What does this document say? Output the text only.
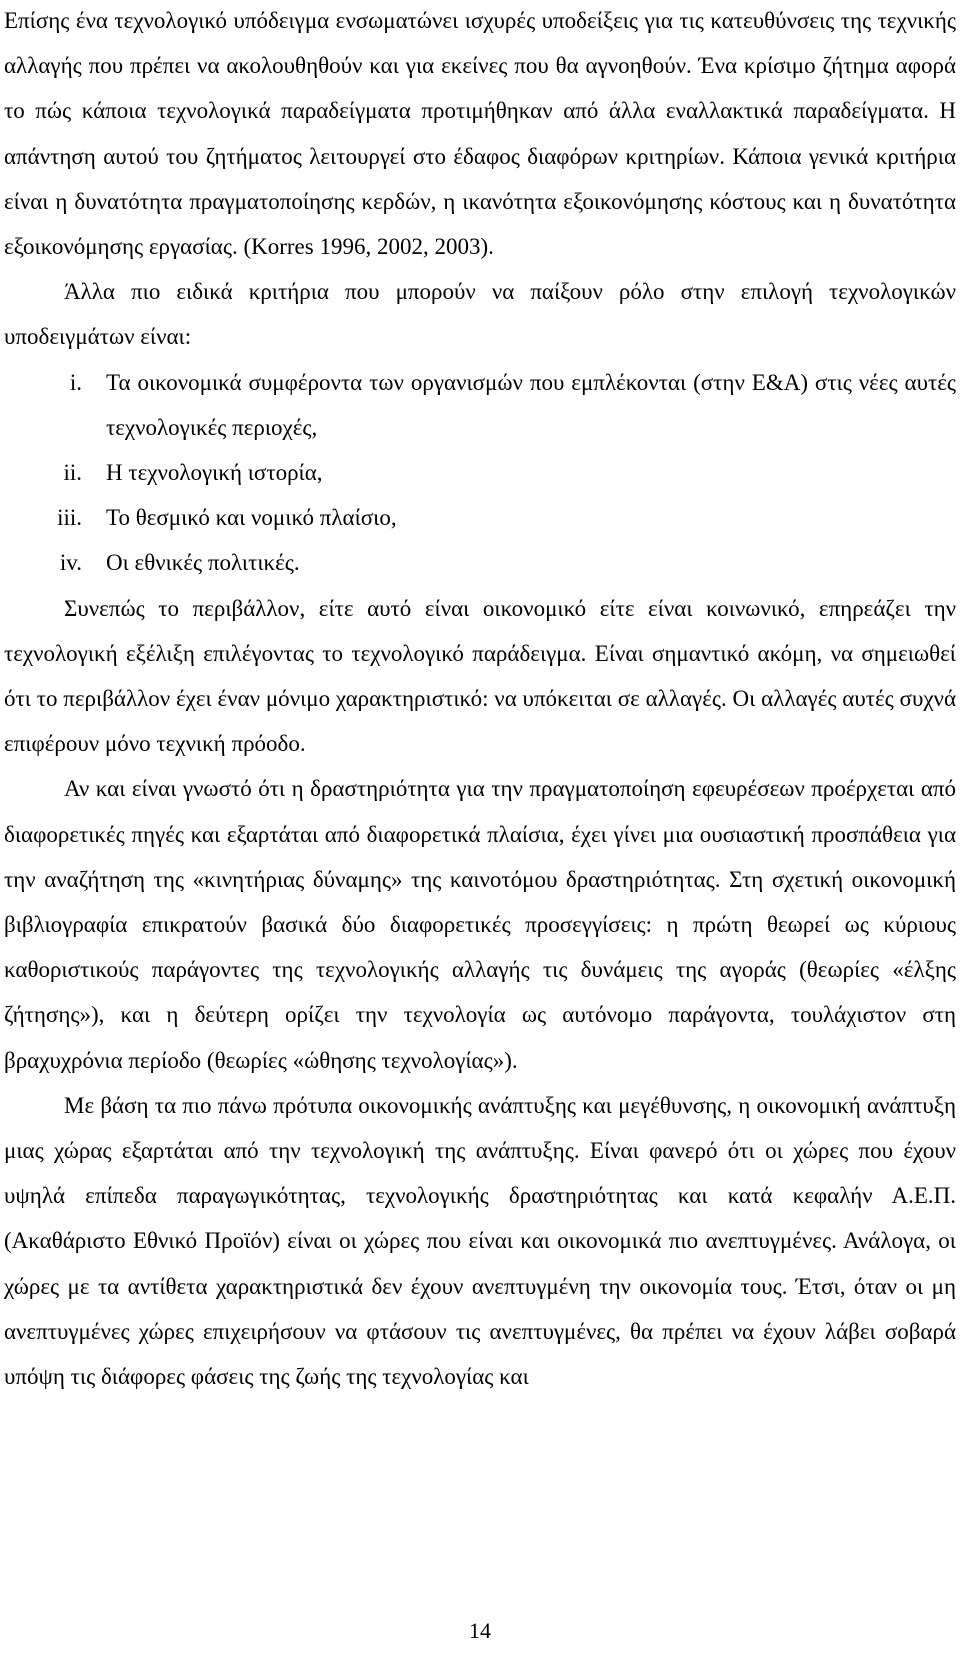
Επίσης ένα τεχνολογικό υπόδειγμα ενσωματώνει ισχυρές υποδείξεις για τις κατευθύνσεις της τεχνικής αλλαγής που πρέπει να ακολουθηθούν και για εκείνες που θα αγνοηθούν. Ένα κρίσιμο ζήτημα αφορά το πώς κάποια τεχνολογικά παραδείγματα προτιμήθηκαν από άλλα εναλλακτικά παραδείγματα. Η απάντηση αυτού του ζητήματος λειτουργεί στο έδαφος διαφόρων κριτηρίων. Κάποια γενικά κριτήρια είναι η δυνατότητα πραγματοποίησης κερδών, η ικανότητα εξοικονόμησης κόστους και η δυνατότητα εξοικονόμησης εργασίας. (Korres 1996, 2002, 2003).

Άλλα πιο ειδικά κριτήρια που μπορούν να παίξουν ρόλο στην επιλογή τεχνολογικών υποδειγμάτων είναι:

i.	Τα οικονομικά συμφέροντα των οργανισμών που εμπλέκονται (στην Ε&Α) στις νέες αυτές τεχνολογικές περιοχές,
ii.	Η τεχνολογική ιστορία,
iii.	Το θεσμικό και νομικό πλαίσιο,
iv.	Οι εθνικές πολιτικές.

Συνεπώς το περιβάλλον, είτε αυτό είναι οικονομικό είτε είναι κοινωνικό, επηρεάζει την τεχνολογική εξέλιξη επιλέγοντας το τεχνολογικό παράδειγμα. Είναι σημαντικό ακόμη, να σημειωθεί ότι το περιβάλλον έχει έναν μόνιμο χαρακτηριστικό: να υπόκειται σε αλλαγές. Οι αλλαγές αυτές συχνά επιφέρουν μόνο τεχνική πρόοδο.

Αν και είναι γνωστό ότι η δραστηριότητα για την πραγματοποίηση εφευρέσεων προέρχεται από διαφορετικές πηγές και εξαρτάται από διαφορετικά πλαίσια, έχει γίνει μια ουσιαστική προσπάθεια για την αναζήτηση της «κινητήριας δύναμης» της καινοτόμου δραστηριότητας. Στη σχετική οικονομική βιβλιογραφία επικρατούν βασικά δύο διαφορετικές προσεγγίσεις: η πρώτη θεωρεί ως κύριους καθοριστικούς παράγοντες της τεχνολογικής αλλαγής τις δυνάμεις της αγοράς (θεωρίες «έλξης ζήτησης»), και η δεύτερη ορίζει την τεχνολογία ως αυτόνομο παράγοντα, τουλάχιστον στη βραχυχρόνια περίοδο (θεωρίες «ώθησης τεχνολογίας»).

Με βάση τα πιο πάνω πρότυπα οικονομικής ανάπτυξης και μεγέθυνσης, η οικονομική ανάπτυξη μιας χώρας εξαρτάται από την τεχνολογική της ανάπτυξης. Είναι φανερό ότι οι χώρες που έχουν υψηλά επίπεδα παραγωγικότητας, τεχνολογικής δραστηριότητας και κατά κεφαλήν Α.Ε.Π. (Ακαθάριστο Εθνικό Προϊόν) είναι οι χώρες που είναι και οικονομικά πιο ανεπτυγμένες. Ανάλογα, οι χώρες με τα αντίθετα χαρακτηριστικά δεν έχουν ανεπτυγμένη την οικονομία τους. Έτσι, όταν οι μη ανεπτυγμένες χώρες επιχειρήσουν να φτάσουν τις ανεπτυγμένες, θα πρέπει να έχουν λάβει σοβαρά υπόψη τις διάφορες φάσεις της ζωής της τεχνολογίας και

14
